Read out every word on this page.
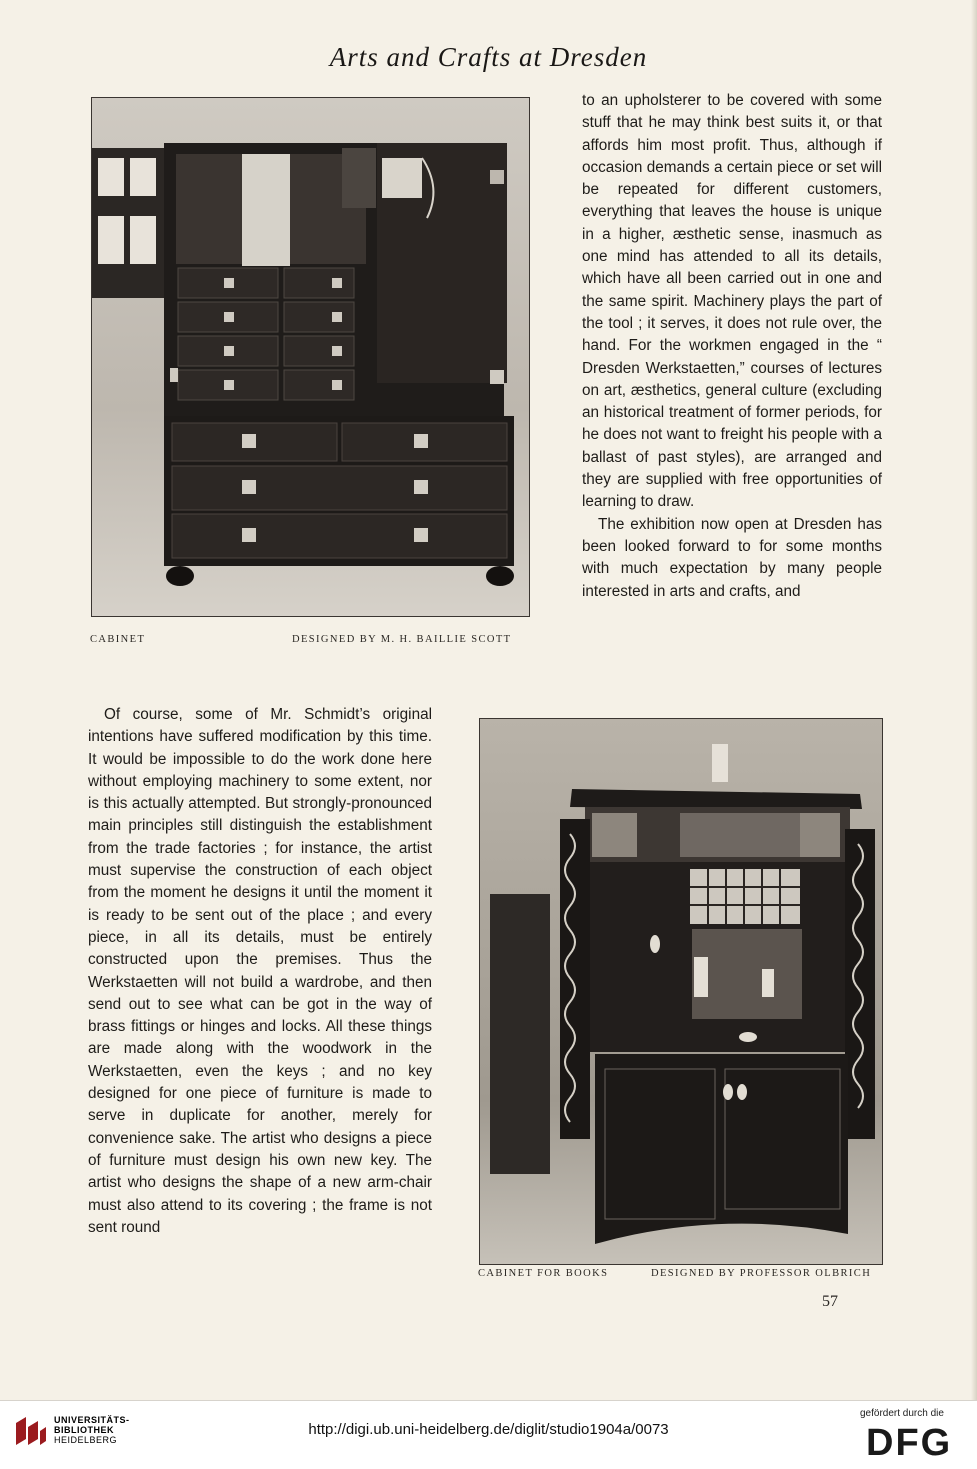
Arts and Crafts at Dresden
CABINET	DESIGNED BY M. H. BAILLIE SCOTT

to an upholsterer to be covered with some stuff that he may think best suits it, or that affords him most profit. Thus, although if occasion demands a certain piece or set will be repeated for different customers, everything that leaves the house is unique in a higher, æsthetic sense, inasmuch as one mind has attended to all its details, which have all been carried out in one and the same spirit. Machinery plays the part of the tool ; it serves, it does not rule over, the hand. For the workmen engaged in the “ Dresden Werkstaetten,” courses of lectures on art, æsthetics, general culture (excluding an historical treatment of former periods, for he does not want to freight his people with a ballast of past styles), are arranged and they are supplied with free opportunities of learning to draw.

The exhibition now open at Dresden has been looked forward to for some months with much expectation by many people interested in arts and crafts, and

Of course, some of Mr. Schmidt’s original intentions have suffered modification by this time. It would be impossible to do the work done here without employing machinery to some extent, nor is this actually attempted. But strongly-pronounced main principles still distinguish the establishment from the trade factories ; for instance, the artist must supervise the construction of each object from the moment he designs it until the moment it is ready to be sent out of the place ; and every piece, in all its details, must be entirely constructed upon the premises. Thus the Werkstaetten will not build a wardrobe, and then send out to see what can be got in the way of brass fittings or hinges and locks. All these things are made along with the woodwork in the Werkstaetten, even the keys ; and no key designed for one piece of furniture is made to serve in duplicate for another, merely for convenience sake. The artist who designs a piece of furniture must design his own new key. The artist who designs the shape of a new arm-chair must also attend to its covering ; the frame is not sent round

CABINET FOR BOOKS	DESIGNED BY PROFESSOR OLBRICH
57
UNIVERSITÄTS-
BIBLIOTHEK
HEIDELBERG
http://digi.ub.uni-heidelberg.de/diglit/studio1904a/0073
gefördert durch die
DFG
